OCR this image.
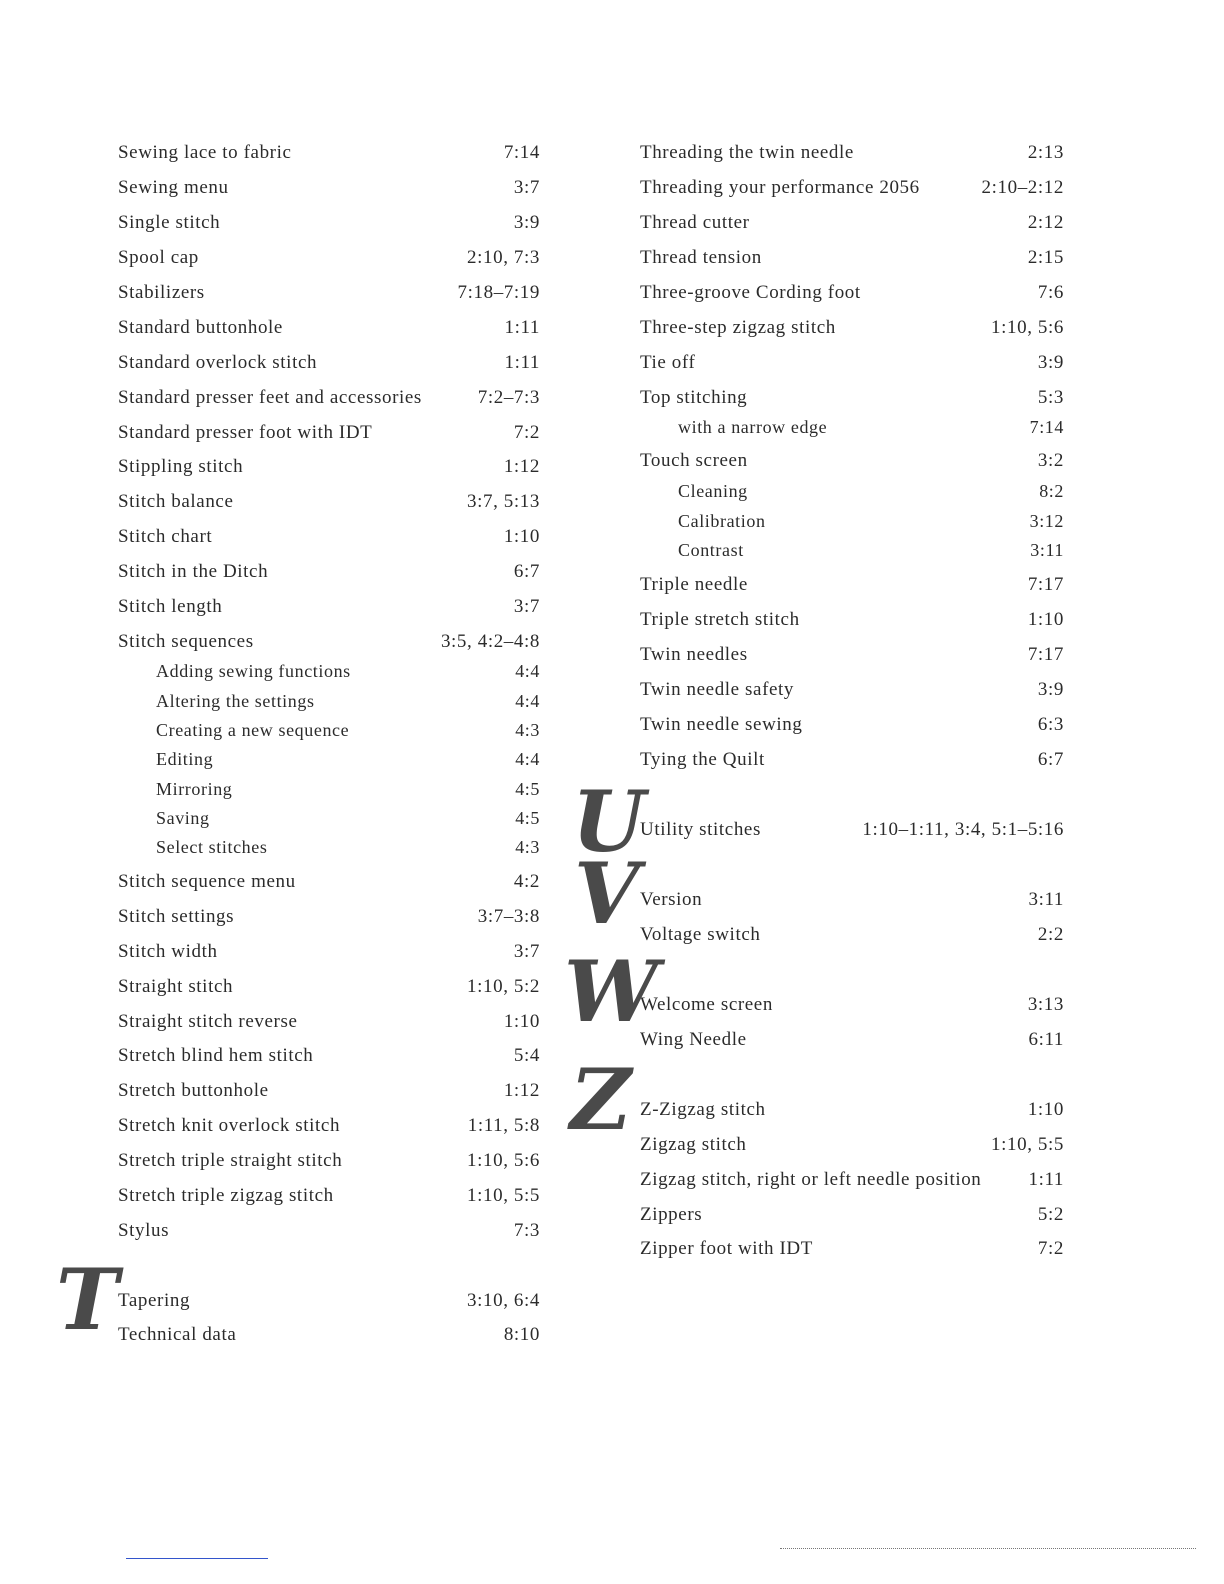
Sewing lace to fabric	7:14
Sewing menu	3:7
Single stitch	3:9
Spool cap	2:10, 7:3
Stabilizers	7:18–7:19
Standard buttonhole	1:11
Standard overlock stitch	1:11
Standard presser feet and accessories	7:2–7:3
Standard presser foot with IDT	7:2
Stippling stitch	1:12
Stitch balance	3:7, 5:13
Stitch chart	1:10
Stitch in the Ditch	6:7
Stitch length	3:7
Stitch sequences	3:5, 4:2–4:8
Adding sewing functions	4:4
Altering the settings	4:4
Creating a new sequence	4:3
Editing	4:4
Mirroring	4:5
Saving	4:5
Select stitches	4:3
Stitch sequence menu	4:2
Stitch settings	3:7–3:8
Stitch width	3:7
Straight stitch	1:10, 5:2
Straight stitch reverse	1:10
Stretch blind hem stitch	5:4
Stretch buttonhole	1:12
Stretch knit overlock stitch	1:11, 5:8
Stretch triple straight stitch	1:10, 5:6
Stretch triple zigzag stitch	1:10, 5:5
Stylus	7:3
Tapering	3:10, 6:4
Technical data	8:10
Threading the twin needle	2:13
Threading your performance 2056	2:10–2:12
Thread cutter	2:12
Thread tension	2:15
Three-groove Cording foot	7:6
Three-step zigzag stitch	1:10, 5:6
Tie off	3:9
Top stitching	5:3
with a narrow edge	7:14
Touch screen	3:2
Cleaning	8:2
Calibration	3:12
Contrast	3:11
Triple needle	7:17
Triple stretch stitch	1:10
Twin needles	7:17
Twin needle safety	3:9
Twin needle sewing	6:3
Tying the Quilt	6:7
Utility stitches	1:10–1:11, 3:4, 5:1–5:16
Version	3:11
Voltage switch	2:2
Welcome screen	3:13
Wing Needle	6:11
Z-Zigzag stitch	1:10
Zigzag stitch	1:10, 5:5
Zigzag stitch, right or left needle position 1:11
Zippers	5:2
Zipper foot with IDT	7:2
T
U
V
W
Z
